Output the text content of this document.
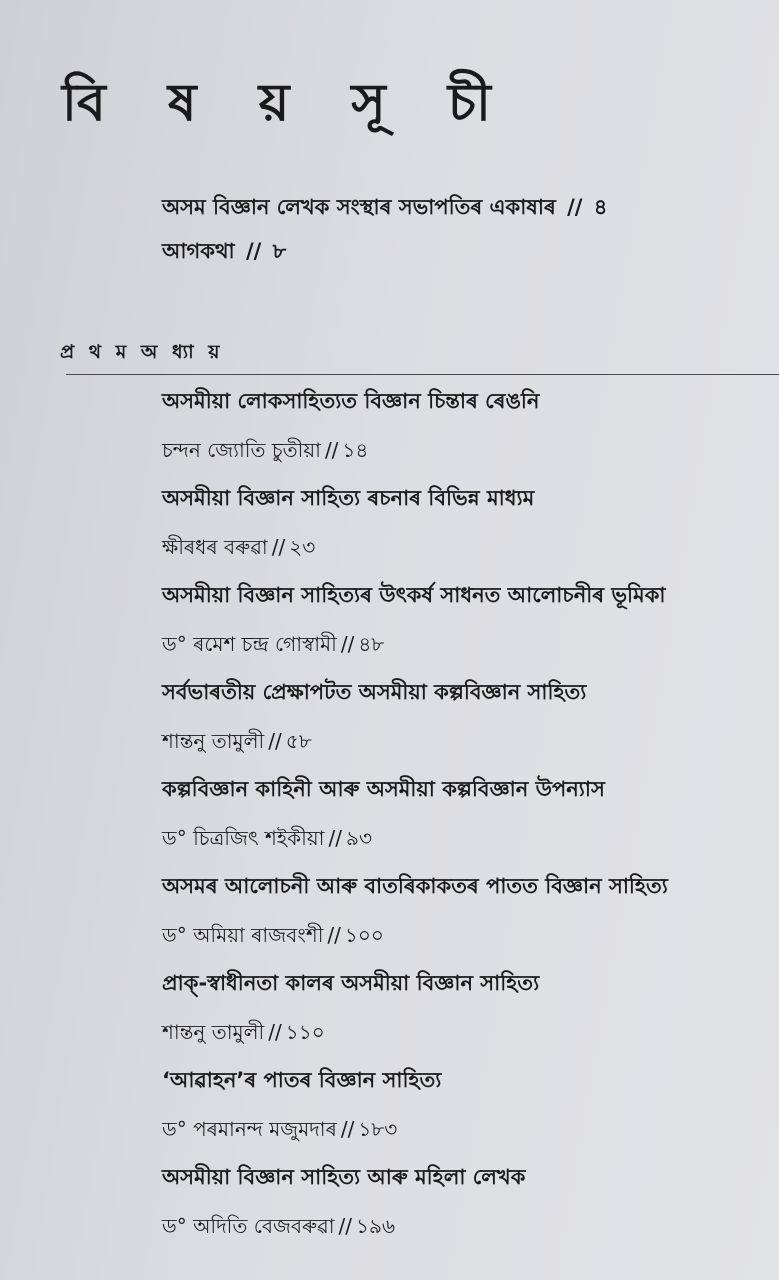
বি ষ য় সূ চী
অসম বিজ্ঞান লেখক সংস্থাৰ সভাপতিৰ একাষাৰ // ৪
আগকথা // ৮
প্ৰ থ ম অ ধ্যা য়
অসমীয়া লোকসাহিত্যত বিজ্ঞান চিন্তাৰ ৰেঙনি
চন্দন জ্যোতি চুতীয়া // ১৪
অসমীয়া বিজ্ঞান সাহিত্য ৰচনাৰ বিভিন্ন মাধ্যম
ক্ষীৰধৰ বৰুৱা // ২৩
অসমীয়া বিজ্ঞান সাহিত্যৰ উৎকৰ্ষ সাধনত আলোচনীৰ ভূমিকা
ড° ৰমেশ চন্দ্ৰ গোস্বামী // ৪৮
সৰ্বভাৰতীয় প্ৰেক্ষাপটত অসমীয়া কল্পবিজ্ঞান সাহিত্য
শান্তনু তামুলী // ৫৮
কল্পবিজ্ঞান কাহিনী আৰু অসমীয়া কল্পবিজ্ঞান উপন্যাস
ড° চিত্ৰজিৎ শইকীয়া // ৯৩
অসমৰ আলোচনী আৰু বাতৰিকাকতৰ পাতত বিজ্ঞান সাহিত্য
ড° অমিয়া ৰাজবংশী // ১০০
প্ৰাক্-স্বাধীনতা কালৰ অসমীয়া বিজ্ঞান সাহিত্য
শান্তনু তামুলী // ১১০
‘আৱাহন’ৰ পাতৰ বিজ্ঞান সাহিত্য
ড° পৰমানন্দ মজুমদাৰ // ১৮৩
অসমীয়া বিজ্ঞান সাহিত্য আৰু মহিলা লেখক
ড° অদিতি বেজবৰুৱা // ১৯৬
